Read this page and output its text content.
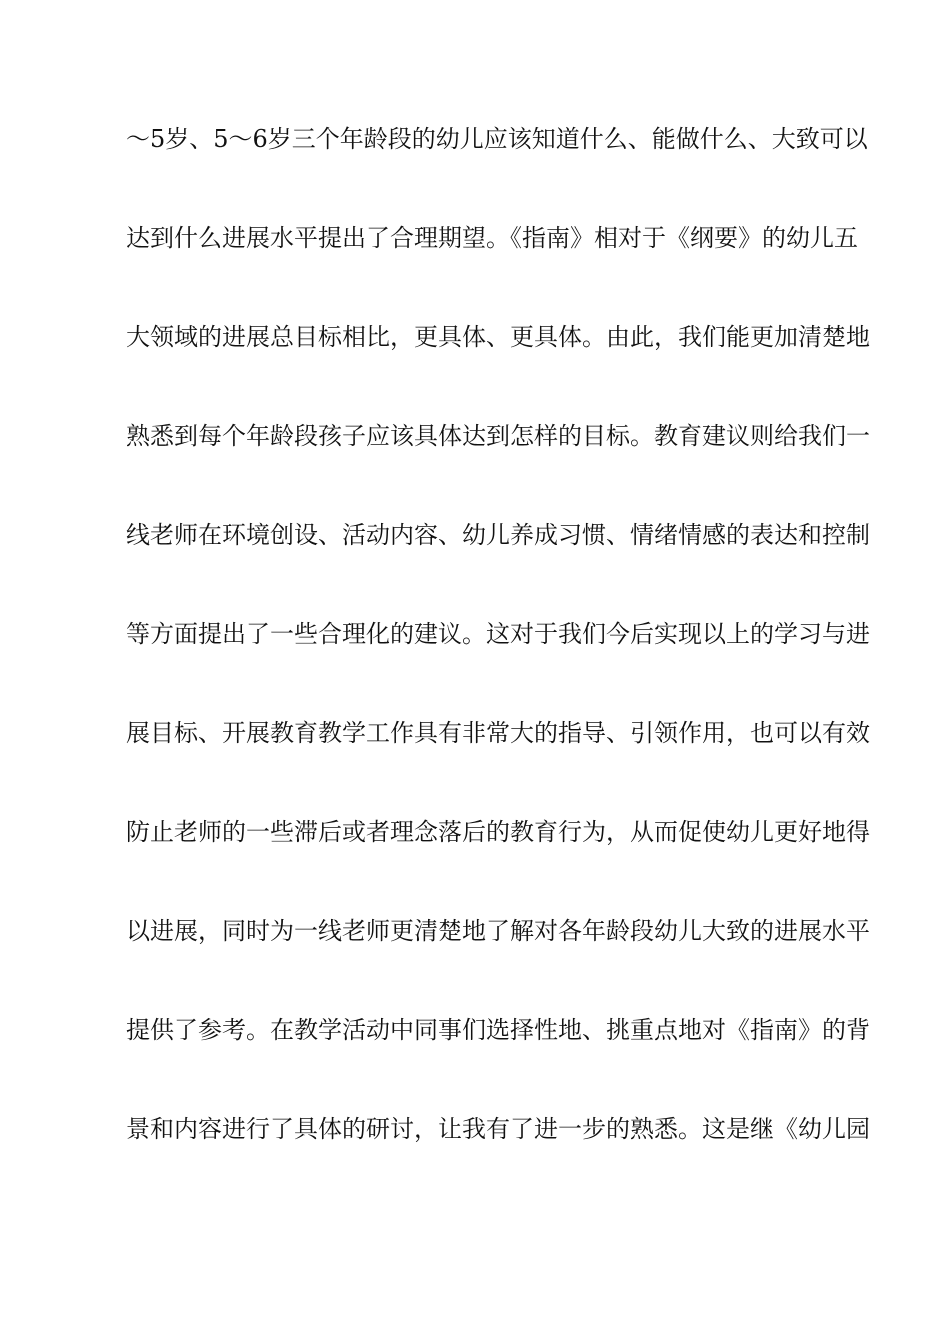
～5岁、5～6岁三个年龄段的幼儿应该知道什么、能做什么、大致可以
达到什么进展水平提出了合理期望。《指南》相对于《纲要》的幼儿五
大领域的进展总目标相比，更具体、更具体。由此，我们能更加清楚地
熟悉到每个年龄段孩子应该具体达到怎样的目标。教育建议则给我们一
线老师在环境创设、活动内容、幼儿养成习惯、情绪情感的表达和控制
等方面提出了一些合理化的建议。这对于我们今后实现以上的学习与进
展目标、开展教育教学工作具有非常大的指导、引领作用，也可以有效
防止老师的一些滞后或者理念落后的教育行为，从而促使幼儿更好地得
以进展，同时为一线老师更清楚地了解对各年龄段幼儿大致的进展水平
提供了参考。在教学活动中同事们选择性地、挑重点地对《指南》的背
景和内容进行了具体的研讨，让我有了进一步的熟悉。这是继《幼儿园
